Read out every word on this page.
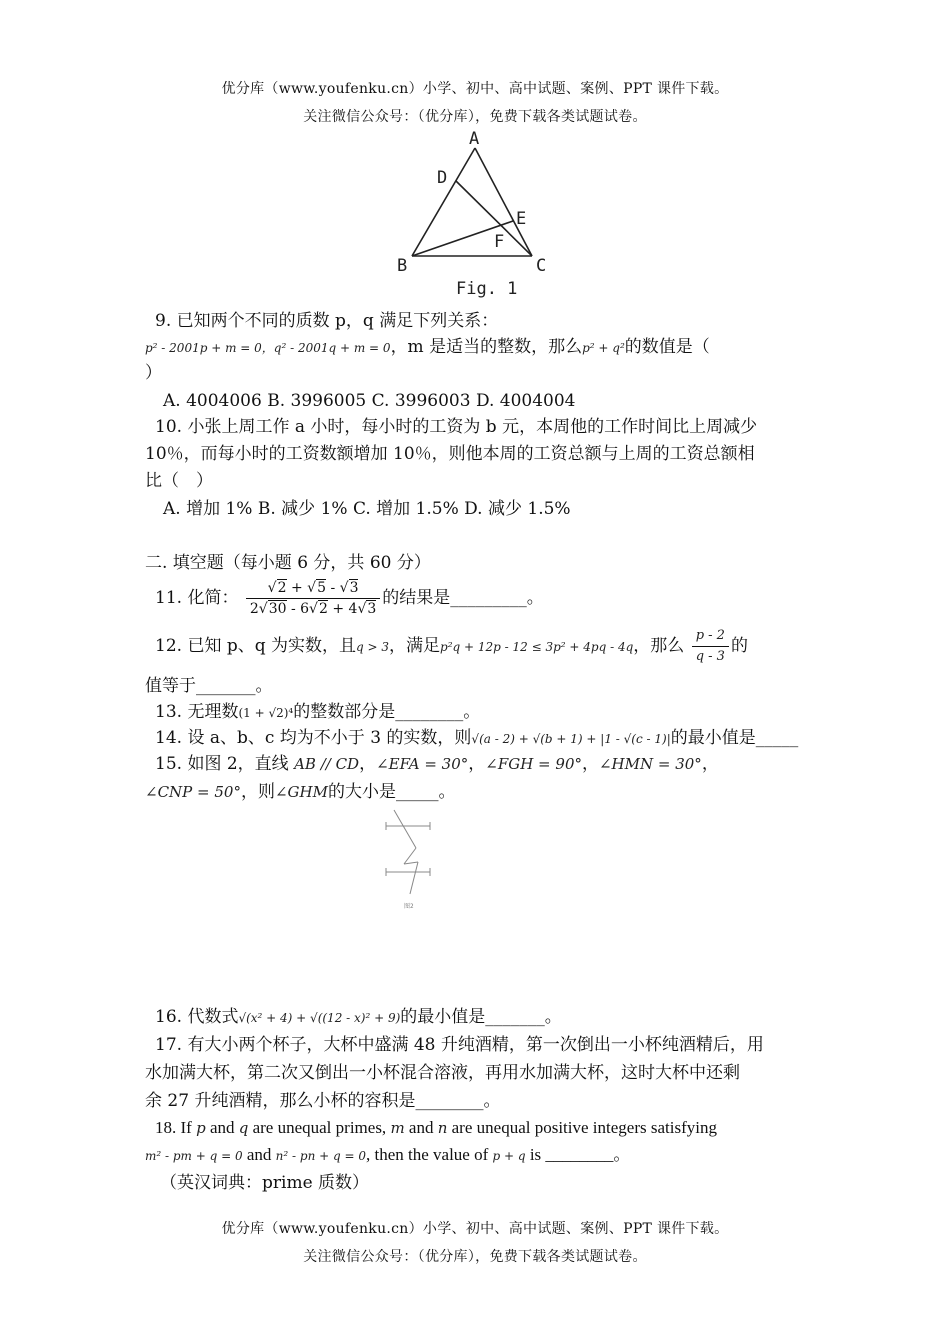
优分库（www.youfenku.cn）小学、初中、高中试题、案例、PPT 课件下载。
关注微信公众号：（优分库），免费下载各类试题试卷。
A
B	C
D
E
F
Fig. 1
9. 已知两个不同的质数 p，q 满足下列关系：
p² - 2001p + m = 0，q² - 2001q + m = 0，m 是适当的整数，那么p² + q²的数值是（
）
A. 4004006 B. 3996005 C. 3996003 D. 4004004
10. 小张上周工作 a 小时，每小时的工资为 b 元，本周他的工作时间比上周减少
10％，而每小时的工资数额增加 10％，则他本周的工资总额与上周的工资总额相
比（　）
A. 增加 1% B. 减少 1% C. 增加 1.5% D. 减少 1.5%
二. 填空题（每小题 6 分，共 60 分）
11. 化简： $\frac{√2 + √5 - √3}{2√30 - 6√2 + 4√3}$ 的结果是_________。
12. 已知 p、q 为实数，且q > 3，满足p²q + 12p - 12 ≤ 3p² + 4pq - 4q，那么 $\frac{p - 2}{q - 3}$ 的
值等于_______。
13. 无理数(1 + √2)⁴的整数部分是________。
14. 设 a、b、c 均为不小于 3 的实数，则√(a - 2) + √(b + 1) + |1 - √(c - 1)|的最小值是_____
15. 如图 2，直线 AB // CD，∠EFA = 30°，∠FGH = 90°，∠HMN = 30°，
∠CNP = 50°，则∠GHM的大小是_____。
图2
16. 代数式√(x² + 4) + √((12 - x)² + 9)的最小值是_______。
17. 有大小两个杯子，大杯中盛满 48 升纯酒精，第一次倒出一小杯纯酒精后，用
水加满大杯，第二次又倒出一小杯混合溶液，再用水加满大杯，这时大杯中还剩
余 27 升纯酒精，那么小杯的容积是________。
18. If p and q are unequal primes, m and n are unequal positive integers satisfying
m² - pm + q = 0 and n² - pn + q = 0, then the value of p + q is ________。
（英汉词典：prime 质数）
优分库（www.youfenku.cn）小学、初中、高中试题、案例、PPT 课件下载。
关注微信公众号：（优分库），免费下载各类试题试卷。
